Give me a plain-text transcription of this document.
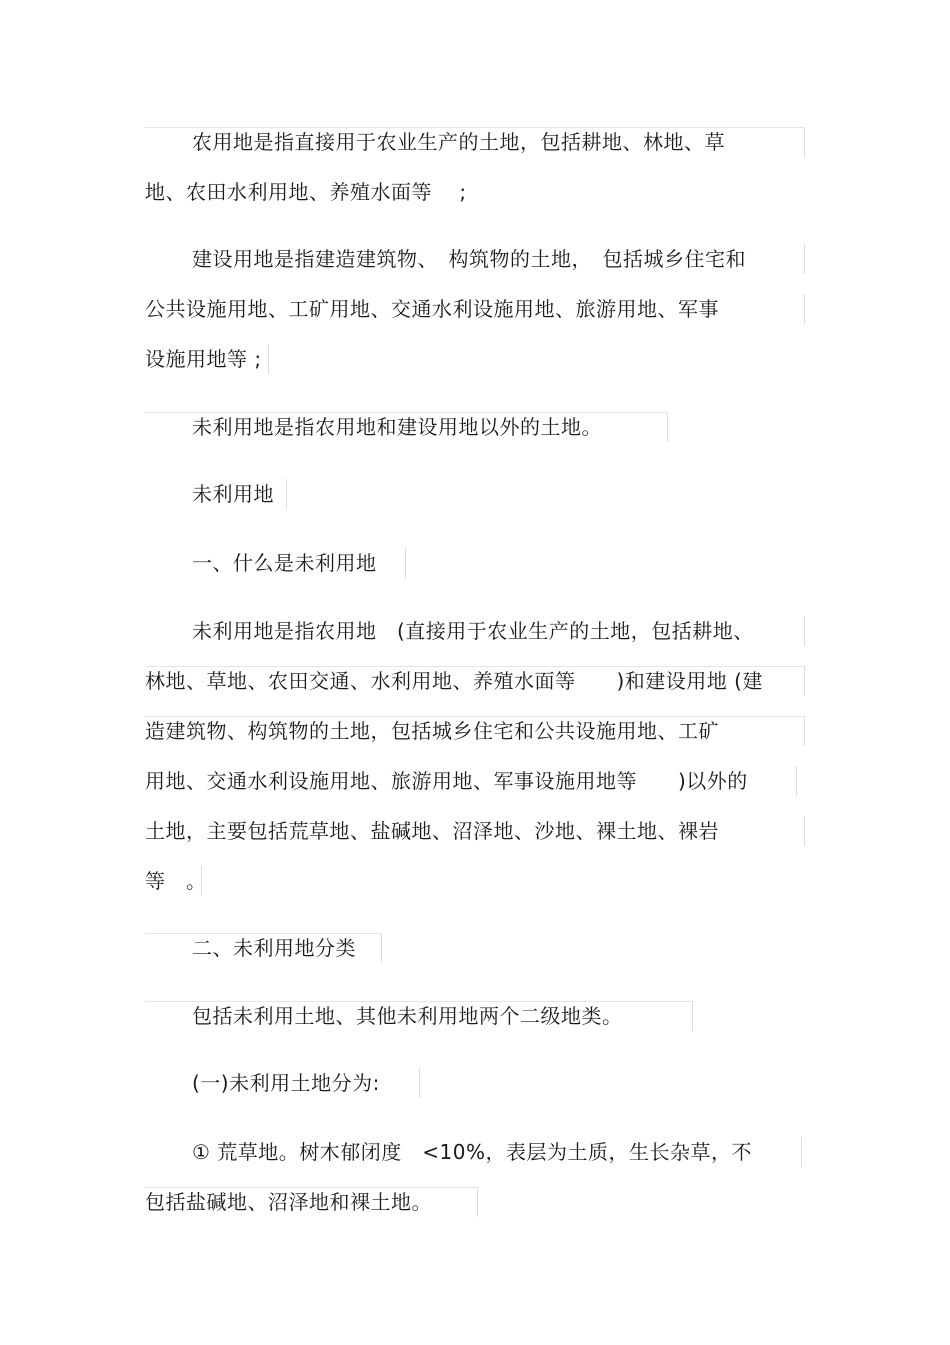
农用地是指直接用于农业生产的土地，包括耕地、林地、草
地、农田水利用地、养殖水面等　 ;
建设用地是指建造建筑物、　构筑物的土地，　包括城乡住宅和
公共设施用地、工矿用地、交通水利设施用地、旅游用地、军事
设施用地等 ;
未利用地是指农用地和建设用地以外的土地。
未利用地
一、什么是未利用地
未利用地是指农用地　(直接用于农业生产的土地，包括耕地、
林地、草地、农田交通、水利用地、养殖水面等　　)和建设用地 (建
造建筑物、构筑物的土地，包括城乡住宅和公共设施用地、工矿
用地、交通水利设施用地、旅游用地、军事设施用地等　　)以外的
土地，主要包括荒草地、盐碱地、沼泽地、沙地、裸土地、裸岩
等　。
二、未利用地分类
包括未利用土地、其他未利用地两个二级地类。
(一)未利用土地分为:
① 荒草地。树木郁闭度　<10%，表层为土质，生长杂草，不
包括盐碱地、沼泽地和裸土地。
